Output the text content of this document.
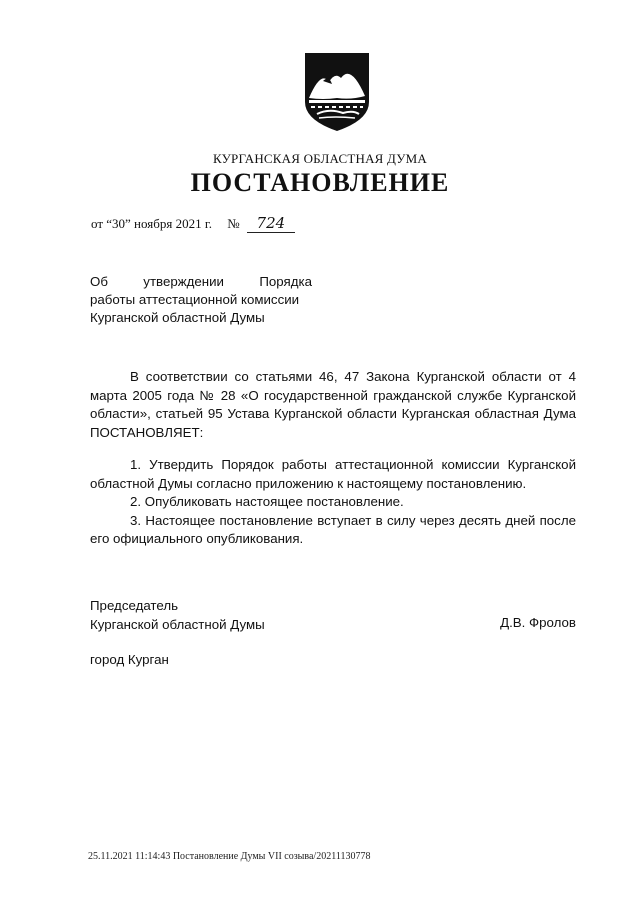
КУРГАНСКАЯ ОБЛАСТНАЯ ДУМА
ПОСТАНОВЛЕНИЕ
от “30” ноября 2021 г. № 724
Об	утверждении	Порядка
работы аттестационной комиссии
Курганской областной Думы

В соответствии со статьями 46, 47 Закона Курганской области от 4 марта 2005 года № 28 «О государственной гражданской службе Курганской области», статьей 95 Устава Курганской области Курганская областная Дума ПОСТАНОВЛЯЕТ:

1. Утвердить Порядок работы аттестационной комиссии Курганской областной Думы согласно приложению к настоящему постановлению.

2. Опубликовать настоящее постановление.

3. Настоящее постановление вступает в силу через десять дней после его официального опубликования.

Председатель
Курганской областной Думы	Д.В. Фролов
город Курган
25.11.2021 11:14:43 Постановление Думы VII созыва/20211130778
